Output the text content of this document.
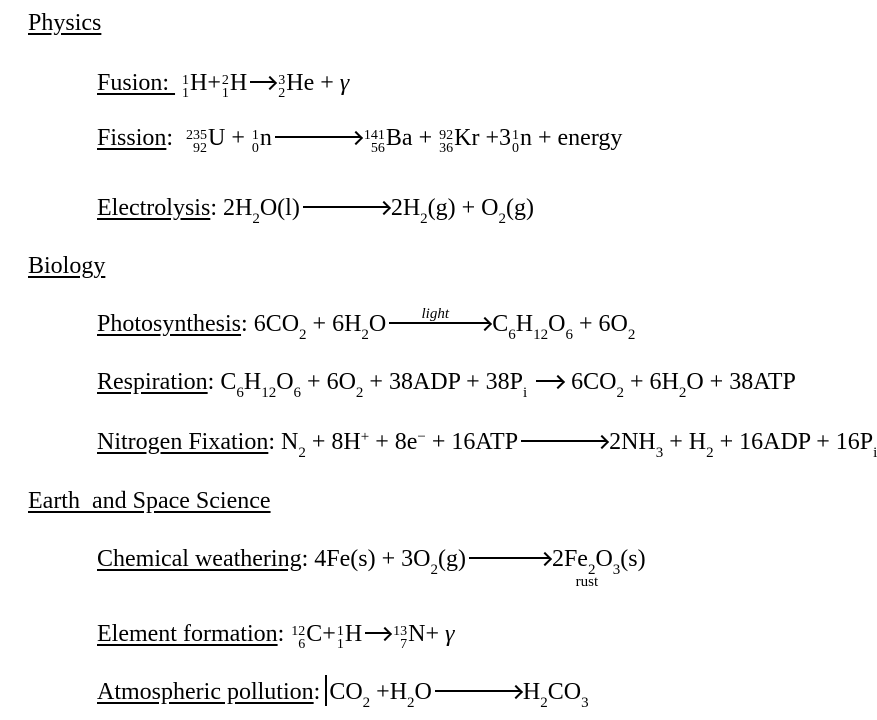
Physics
Fusion: 1
1 H+ 2
1 H 3
2 He + γ
Fission: 235
92 U + 1
0 n	141
56 Ba + 92
36 Kr +3 1
0 n + energy
Electrolysis: $2H_2O(l)$	$2H_2(g) + O_2(g)$
Biology
Photosynthesis: $6CO_2 + 6H_2O$ light $C_6H_{12}O_6 + 6O_2$
Respiration: $C_6H_{12}O_6 + 6O_2 + 38ADP + 38P_i$  $6CO_2 + 6H_2O + 38ATP$
Nitrogen Fixation: $N_2 + 8H^+ + 8e^- + 16ATP$	$2NH_3 + H_2 + 16ADP + 16P_i$
Earth  and Space Science
Chemical weathering: $4Fe(s) + 3O_2(g)$	$2Fe_2O_3(s)$
rust
Element formation: 12
6 C+ 1
1 H 13
7 N+ γ
Atmospheric pollution: $CO_2 +H_2O$	$H_2CO_3$
